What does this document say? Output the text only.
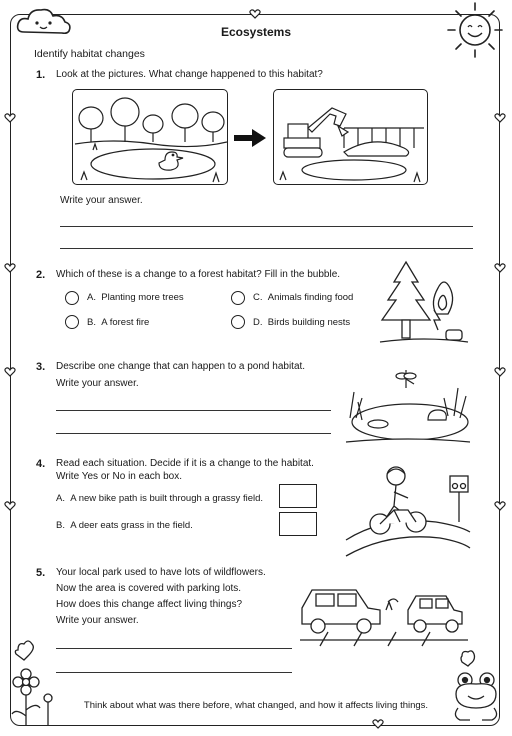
Ecosystems
Identify habitat changes
1. Look at the pictures. What change happened to this habitat?
Write your answer.
2. Which of these is a change to a forest habitat? Fill in the bubble.
A. Planting more trees
B. A forest fire
C. Animals finding food
D. Birds building nests
3. Describe one change that can happen to a pond habitat.
Write your answer.
4. Read each situation. Decide if it is a change to the habitat.
Write Yes or No in each box.
A. A new bike path is built through a grassy field.
B. A deer eats grass in the field.
5. Your local park used to have lots of wildflowers.
Now the area is covered with parking lots.
How does this change affect living things?
Write your answer.
Think about what was there before, what changed, and how it affects living things.
